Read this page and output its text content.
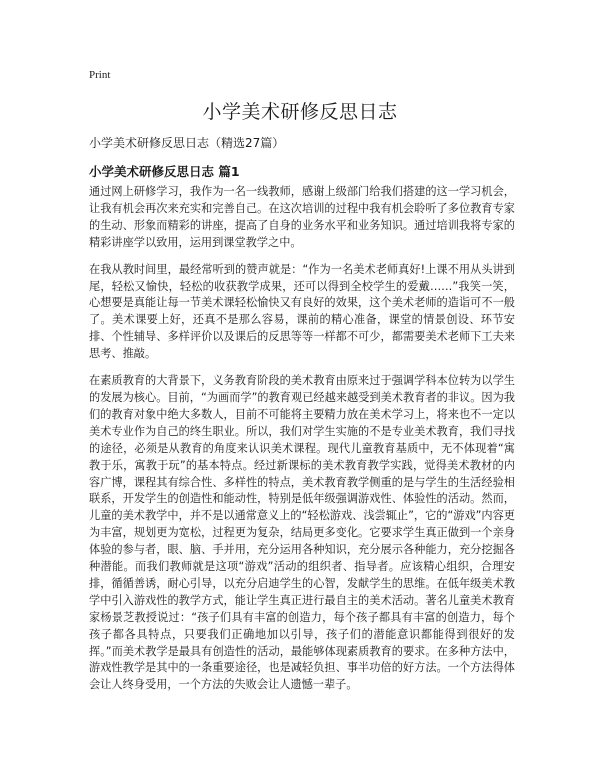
Print
小学美术研修反思日志
小学美术研修反思日志（精选27篇）
小学美术研修反思日志 篇1

通过网上研修学习，我作为一名一线教师，感谢上级部门给我们搭建的这一学习机会，让我有机会再次来充实和完善自己。在这次培训的过程中我有机会聆听了多位教育专家的生动、形象而精彩的讲座，提高了自身的业务水平和业务知识。通过培训我将专家的精彩讲座学以致用，运用到课堂教学之中。

在我从教时间里，最经常听到的赞声就是：“作为一名美术老师真好!上课不用从头讲到尾，轻松又愉快，轻松的收获教学成果，还可以得到全校学生的爱戴……”我笑一笑，心想要是真能让每一节美术课轻松愉快又有良好的效果，这个美术老师的造诣可不一般了。美术课要上好，还真不是那么容易，课前的精心准备，课堂的情景创设、环节安排、个性辅导、多样评价以及课后的反思等等一样都不可少，都需要美术老师下工夫来思考、推敲。

在素质教育的大背景下，义务教育阶段的美术教育由原来过于强调学科本位转为以学生的发展为核心。目前，“为画而学”的教育观已经越来越受到美术教育者的非议。因为我们的教育对象中绝大多数人，目前不可能将主要精力放在美术学习上，将来也不一定以美术专业作为自己的终生职业。所以，我们对学生实施的不是专业美术教育，我们寻找的途径，必须是从教育的角度来认识美术课程。现代儿童教育基质中，无不体现着“寓教于乐，寓教于玩”的基本特点。经过新课标的美术教育教学实践，觉得美术教材的内容广博，课程其有综合性、多样性的特点，美术教育教学侧重的是与学生的生活经验相联系，开发学生的创造性和能动性，特别是低年级强调游戏性、体验性的活动。然而，儿童的美术教学中，并不是以通常意义上的“轻松游戏、浅尝辄止”，它的“游戏”内容更为丰富，规划更为宽松，过程更为复杂，结局更多变化。它要求学生真正做到一个亲身体验的参与者，眼、脑、手并用，充分运用各种知识，充分展示各种能力，充分挖掘各种潜能。而我们教师就是这项“游戏”活动的组织者、指导者。应该精心组织，合理安排，循循善诱，耐心引导，以充分启迪学生的心智，发献学生的思维。在低年级美术教学中引入游戏性的教学方式，能让学生真正进行最自主的美术活动。著名儿童美术教育家杨景芝教授说过：“孩子们具有丰富的创造力，每个孩子都具有丰富的创造力，每个孩子都各具特点，只要我们正确地加以引导，孩子们的潜能意识都能得到很好的发挥。”而美术教学是最具有创造性的活动，最能够体现素质教育的要求。在多种方法中，游戏性教学是其中的一条重要途径，也是减轻负担、事半功倍的好方法。一个方法得体会让人终身受用，一个方法的失败会让人遗憾一辈子。
